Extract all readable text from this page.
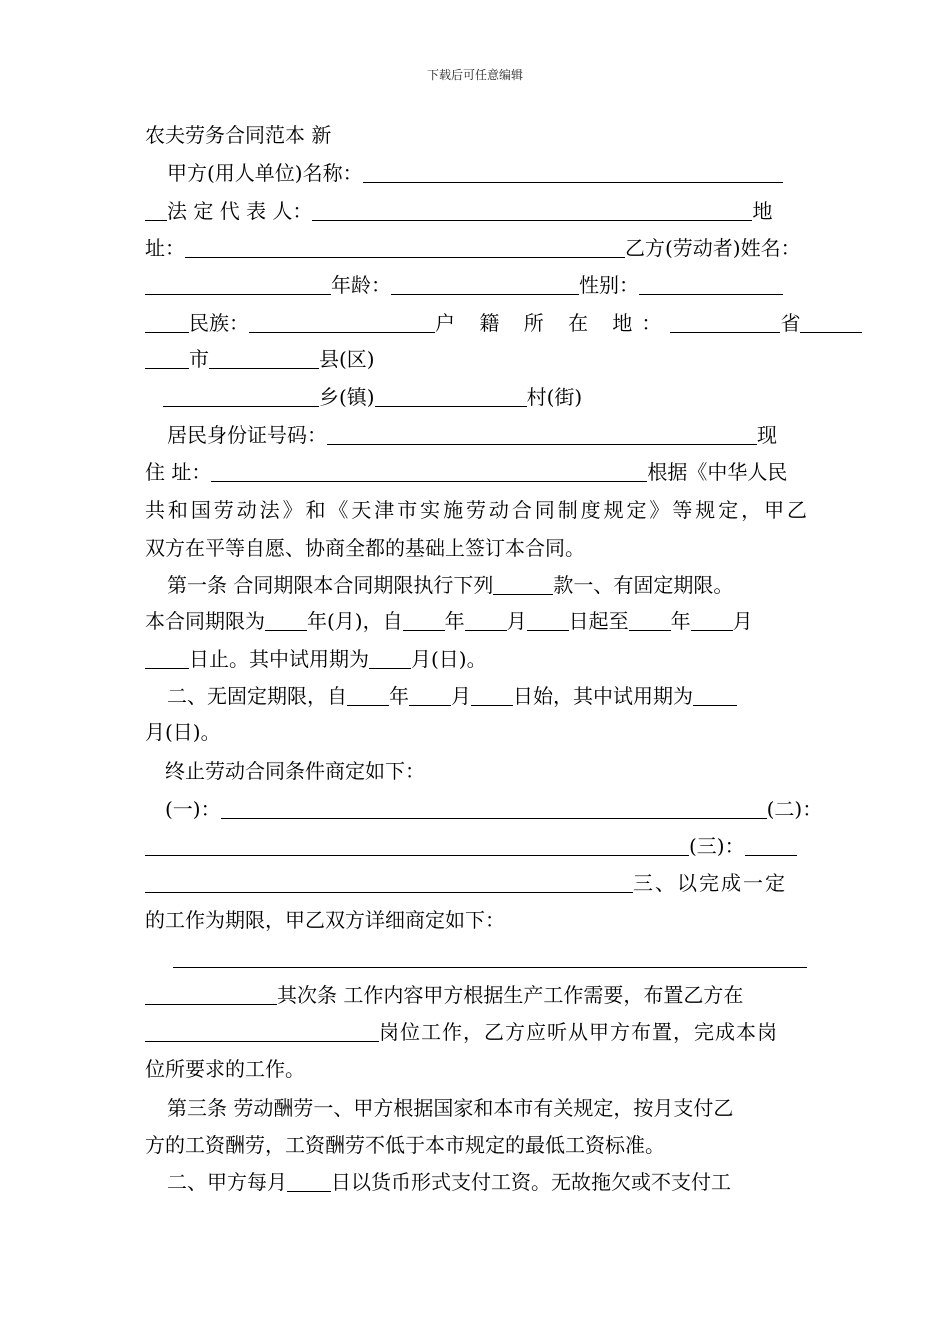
下载后可任意编辑
农夫劳务合同范本 新
甲方(用人单位)名称：
法 定 代 表 人：	地
址：	乙方(劳动者)姓名：
年龄：	性别：
民族：	户 籍 所 在 地：	省
市	县(区)
乡(镇)	村(街)
居民身份证号码：	现
住 址：	根据《中华人民
共和国劳动法》和《天津市实施劳动合同制度规定》等规定，甲乙
双方在平等自愿、协商全都的基础上签订本合同。
第一条 合同期限本合同期限执行下列	款一、有固定期限。
本合同期限为 年(月)，自 年 月 日起至 年 月
日止。其中试用期为 月(日)。
二、无固定期限，自 年 月 日始，其中试用期为
月(日)。
终止劳动合同条件商定如下：
(一)：	(二)：
(三)：
三、以完成一定
的工作为期限，甲乙双方详细商定如下：
其次条 工作内容甲方根据生产工作需要，布置乙方在
岗位工作，乙方应听从甲方布置，完成本岗
位所要求的工作。
第三条 劳动酬劳一、甲方根据国家和本市有关规定，按月支付乙
方的工资酬劳，工资酬劳不低于本市规定的最低工资标准。
二、甲方每月 日以货币形式支付工资。无故拖欠或不支付工
